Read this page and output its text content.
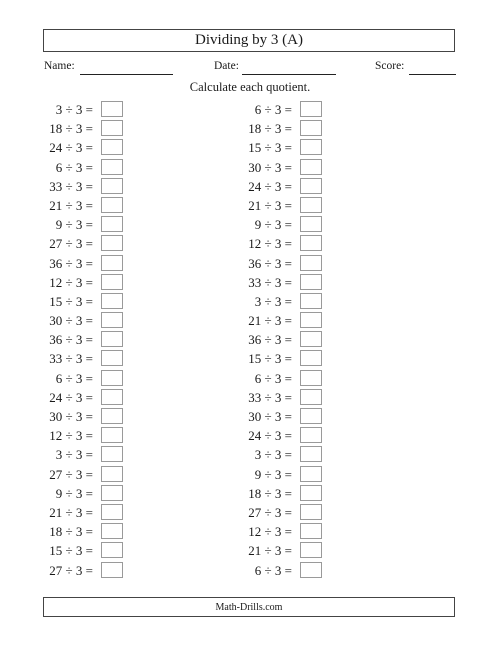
Dividing by 3 (A)
Name:	Date:	Score:
Calculate each quotient.
3 ÷ 3 =
18 ÷ 3 =
24 ÷ 3 =
6 ÷ 3 =
33 ÷ 3 =
21 ÷ 3 =
9 ÷ 3 =
27 ÷ 3 =
36 ÷ 3 =
12 ÷ 3 =
15 ÷ 3 =
30 ÷ 3 =
36 ÷ 3 =
33 ÷ 3 =
6 ÷ 3 =
24 ÷ 3 =
30 ÷ 3 =
12 ÷ 3 =
3 ÷ 3 =
27 ÷ 3 =
9 ÷ 3 =
21 ÷ 3 =
18 ÷ 3 =
15 ÷ 3 =
27 ÷ 3 =
6 ÷ 3 =
18 ÷ 3 =
15 ÷ 3 =
30 ÷ 3 =
24 ÷ 3 =
21 ÷ 3 =
9 ÷ 3 =
12 ÷ 3 =
36 ÷ 3 =
33 ÷ 3 =
3 ÷ 3 =
21 ÷ 3 =
36 ÷ 3 =
15 ÷ 3 =
6 ÷ 3 =
33 ÷ 3 =
30 ÷ 3 =
24 ÷ 3 =
3 ÷ 3 =
9 ÷ 3 =
18 ÷ 3 =
27 ÷ 3 =
12 ÷ 3 =
21 ÷ 3 =
6 ÷ 3 =
Math-Drills.com
